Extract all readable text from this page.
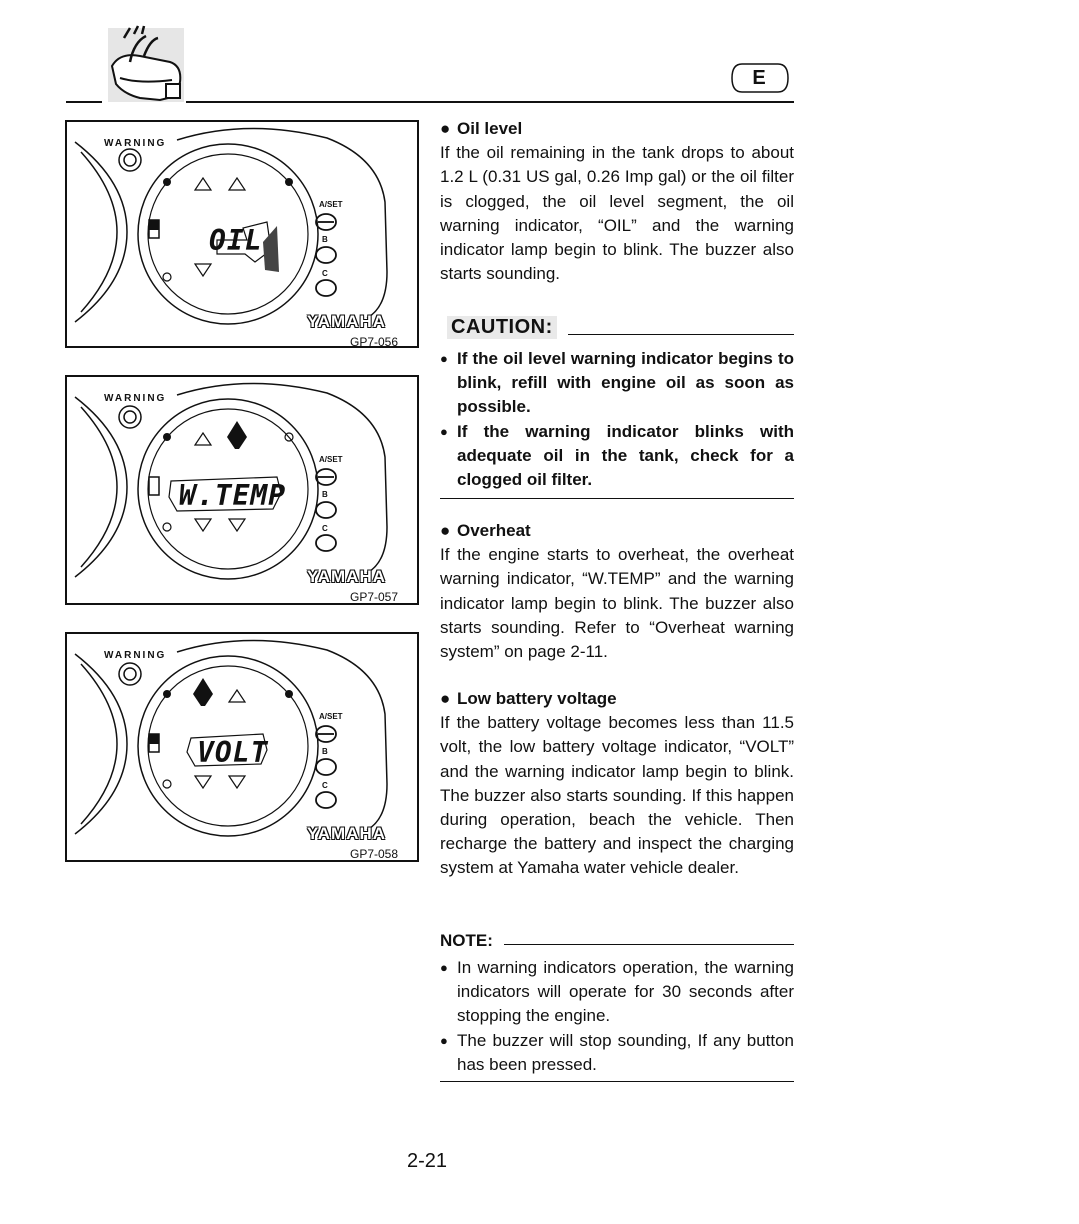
E
WARNING
A/SET
B
C
OIL
YAMAHA
GP7-056
WARNING
A/SET
B
C
W.TEMP
YAMAHA
GP7-057
WARNING
A/SET
B
C
VOLT
YAMAHA
GP7-058
● Oil level
If the oil remaining in the tank drops to about 1.2 L (0.31 US gal, 0.26 Imp gal) or the oil filter is clogged, the oil level segment, the oil warning indicator, “OIL” and the warning indicator lamp begin to blink. The buzzer also starts sounding.
CAUTION:
● If the oil level warning indicator begins to blink, refill with engine oil as soon as possible.
● If the warning indicator blinks with adequate oil in the tank, check for a clogged oil filter.
● Overheat
If the engine starts to overheat, the overheat warning indicator, “W.TEMP” and the warning indicator lamp begin to blink. The buzzer also starts sounding. Refer to “Overheat warning system” on page 2-11.
● Low battery voltage
If the battery voltage becomes less than 11.5 volt, the low battery voltage indicator, “VOLT” and the warning indicator lamp begin to blink. The buzzer also starts sounding. If this happen during operation, beach the vehicle. Then recharge the battery and inspect the charging system at Yamaha water vehicle dealer.
NOTE:
● In warning indicators operation, the warning indicators will operate for 30 seconds after stopping the engine.
● The buzzer will stop sounding, If any button has been pressed.
2-21
